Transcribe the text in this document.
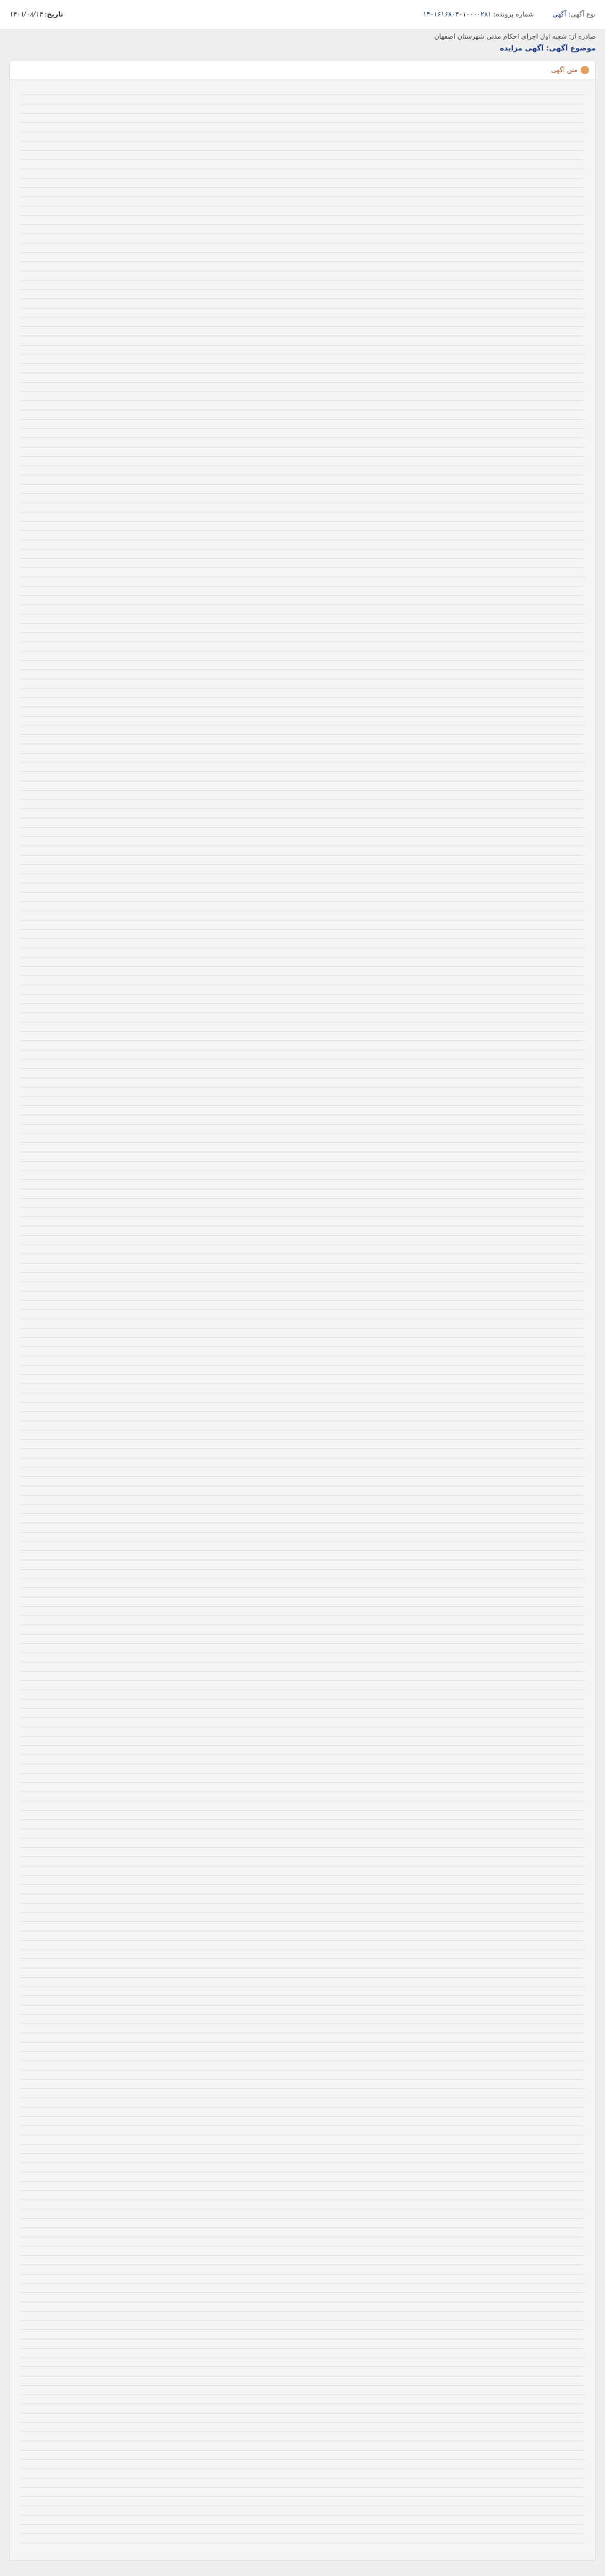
نوع آگهی: آگهی
شماره پرونده: ۱۴۰۱۶۱۶۸۰۴۰۱۰۰۰۰۲۸۱
تاریخ: ۱۴۰۱/۰۸/۱۴
صادره از: شعبه اول اجرای احکام مدنی شهرستان اصفهان
موضوع آگهی: آگهی مزایده
متن آگهی
